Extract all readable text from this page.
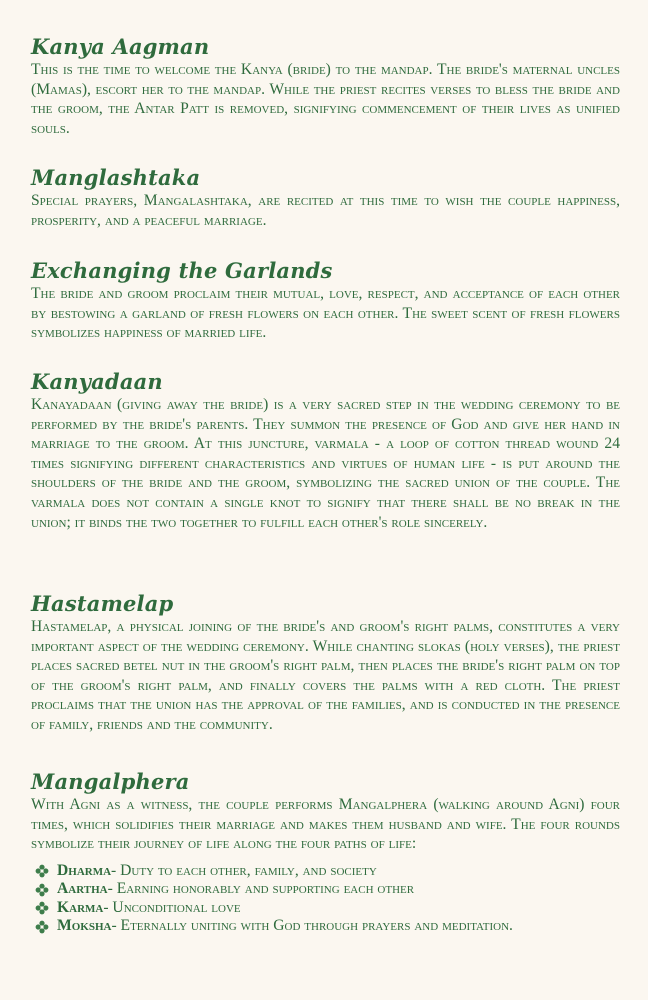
Kanya Aagman

This is the time to welcome the Kanya (bride) to the mandap. The bride's maternal uncles (Mamas), escort her to the mandap. While the priest recites verses to bless the bride and the groom, the Antar Patt is removed, signifying commencement of their lives as unified souls.

Manglashtaka

Special prayers, Mangalashtaka, are recited at this time to wish the couple happiness, prosperity, and a peaceful marriage.

Exchanging the Garlands

The bride and groom proclaim their mutual, love, respect, and acceptance of each other by bestowing a garland of fresh flowers on each other. The sweet scent of fresh flowers symbolizes happiness of married life.

Kanyadaan

Kanayadaan (giving away the bride) is a very sacred step in the wedding ceremony to be performed by the bride's parents. They summon the presence of God and give her hand in marriage to the groom. At this juncture, varmala - a loop of cotton thread wound 24 times signifying different characteristics and virtues of human life - is put around the shoulders of the bride and the groom, symbolizing the sacred union of the couple. The varmala does not contain a single knot to signify that there shall be no break in the union; it binds the two together to fulfill each other's role sincerely.

Hastamelap

Hastamelap, a physical joining of the bride's and groom's right palms, constitutes a very important aspect of the wedding ceremony. While chanting slokas (holy verses), the priest places sacred betel nut in the groom's right palm, then places the bride's right palm on top of the groom's right palm, and finally covers the palms with a red cloth. The priest proclaims that the union has the approval of the families, and is conducted in the presence of family, friends and the community.

Mangalphera

With Agni as a witness, the couple performs Mangalphera (walking around Agni) four times, which solidifies their marriage and makes them husband and wife. The four rounds symbolize their journey of life along the four paths of life:

Dharma - Duty to each other, family, and society
Aartha - Earning honorably and supporting each other
Karma - Unconditional love
Moksha - Eternally uniting with God through prayers and meditation.
